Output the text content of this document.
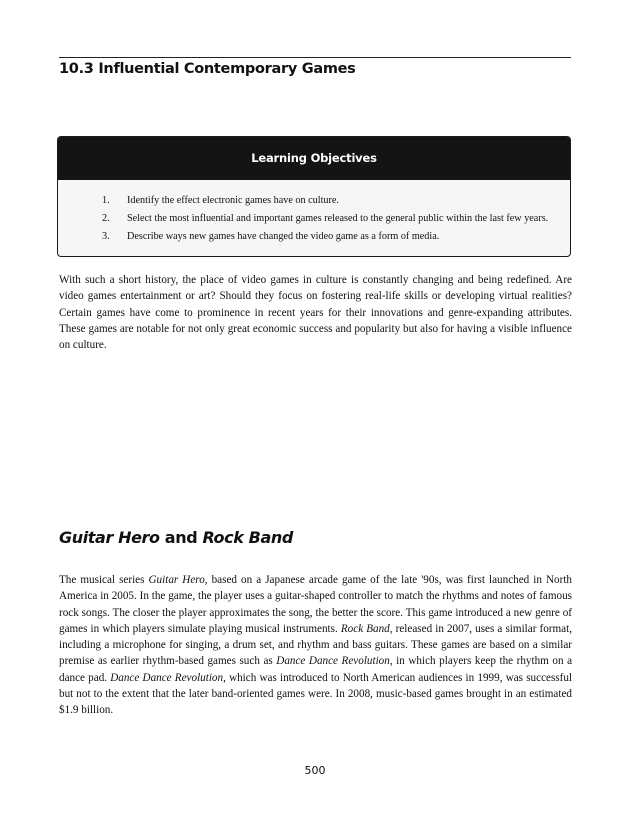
10.3 Influential Contemporary Games
Learning Objectives
1. Identify the effect electronic games have on culture.
2. Select the most influential and important games released to the general public within the last few years.
3. Describe ways new games have changed the video game as a form of media.

With such a short history, the place of video games in culture is constantly changing and being redefined. Are video games entertainment or art? Should they focus on fostering real-life skills or developing virtual realities? Certain games have come to prominence in recent years for their innovations and genre-expanding attributes. These games are notable for not only great economic success and popularity but also for having a visible influence on culture.

Guitar Hero and Rock Band

The musical series Guitar Hero, based on a Japanese arcade game of the late '90s, was first launched in North America in 2005. In the game, the player uses a guitar-shaped controller to match the rhythms and notes of famous rock songs. The closer the player approximates the song, the better the score. This game introduced a new genre of games in which players simulate playing musical instruments. Rock Band, released in 2007, uses a similar format, including a microphone for singing, a drum set, and rhythm and bass guitars. These games are based on a similar premise as earlier rhythm-based games such as Dance Dance Revolution, in which players keep the rhythm on a dance pad. Dance Dance Revolution, which was introduced to North American audiences in 1999, was successful but not to the extent that the later band-oriented games were. In 2008, music-based games brought in an estimated $1.9 billion.

500
